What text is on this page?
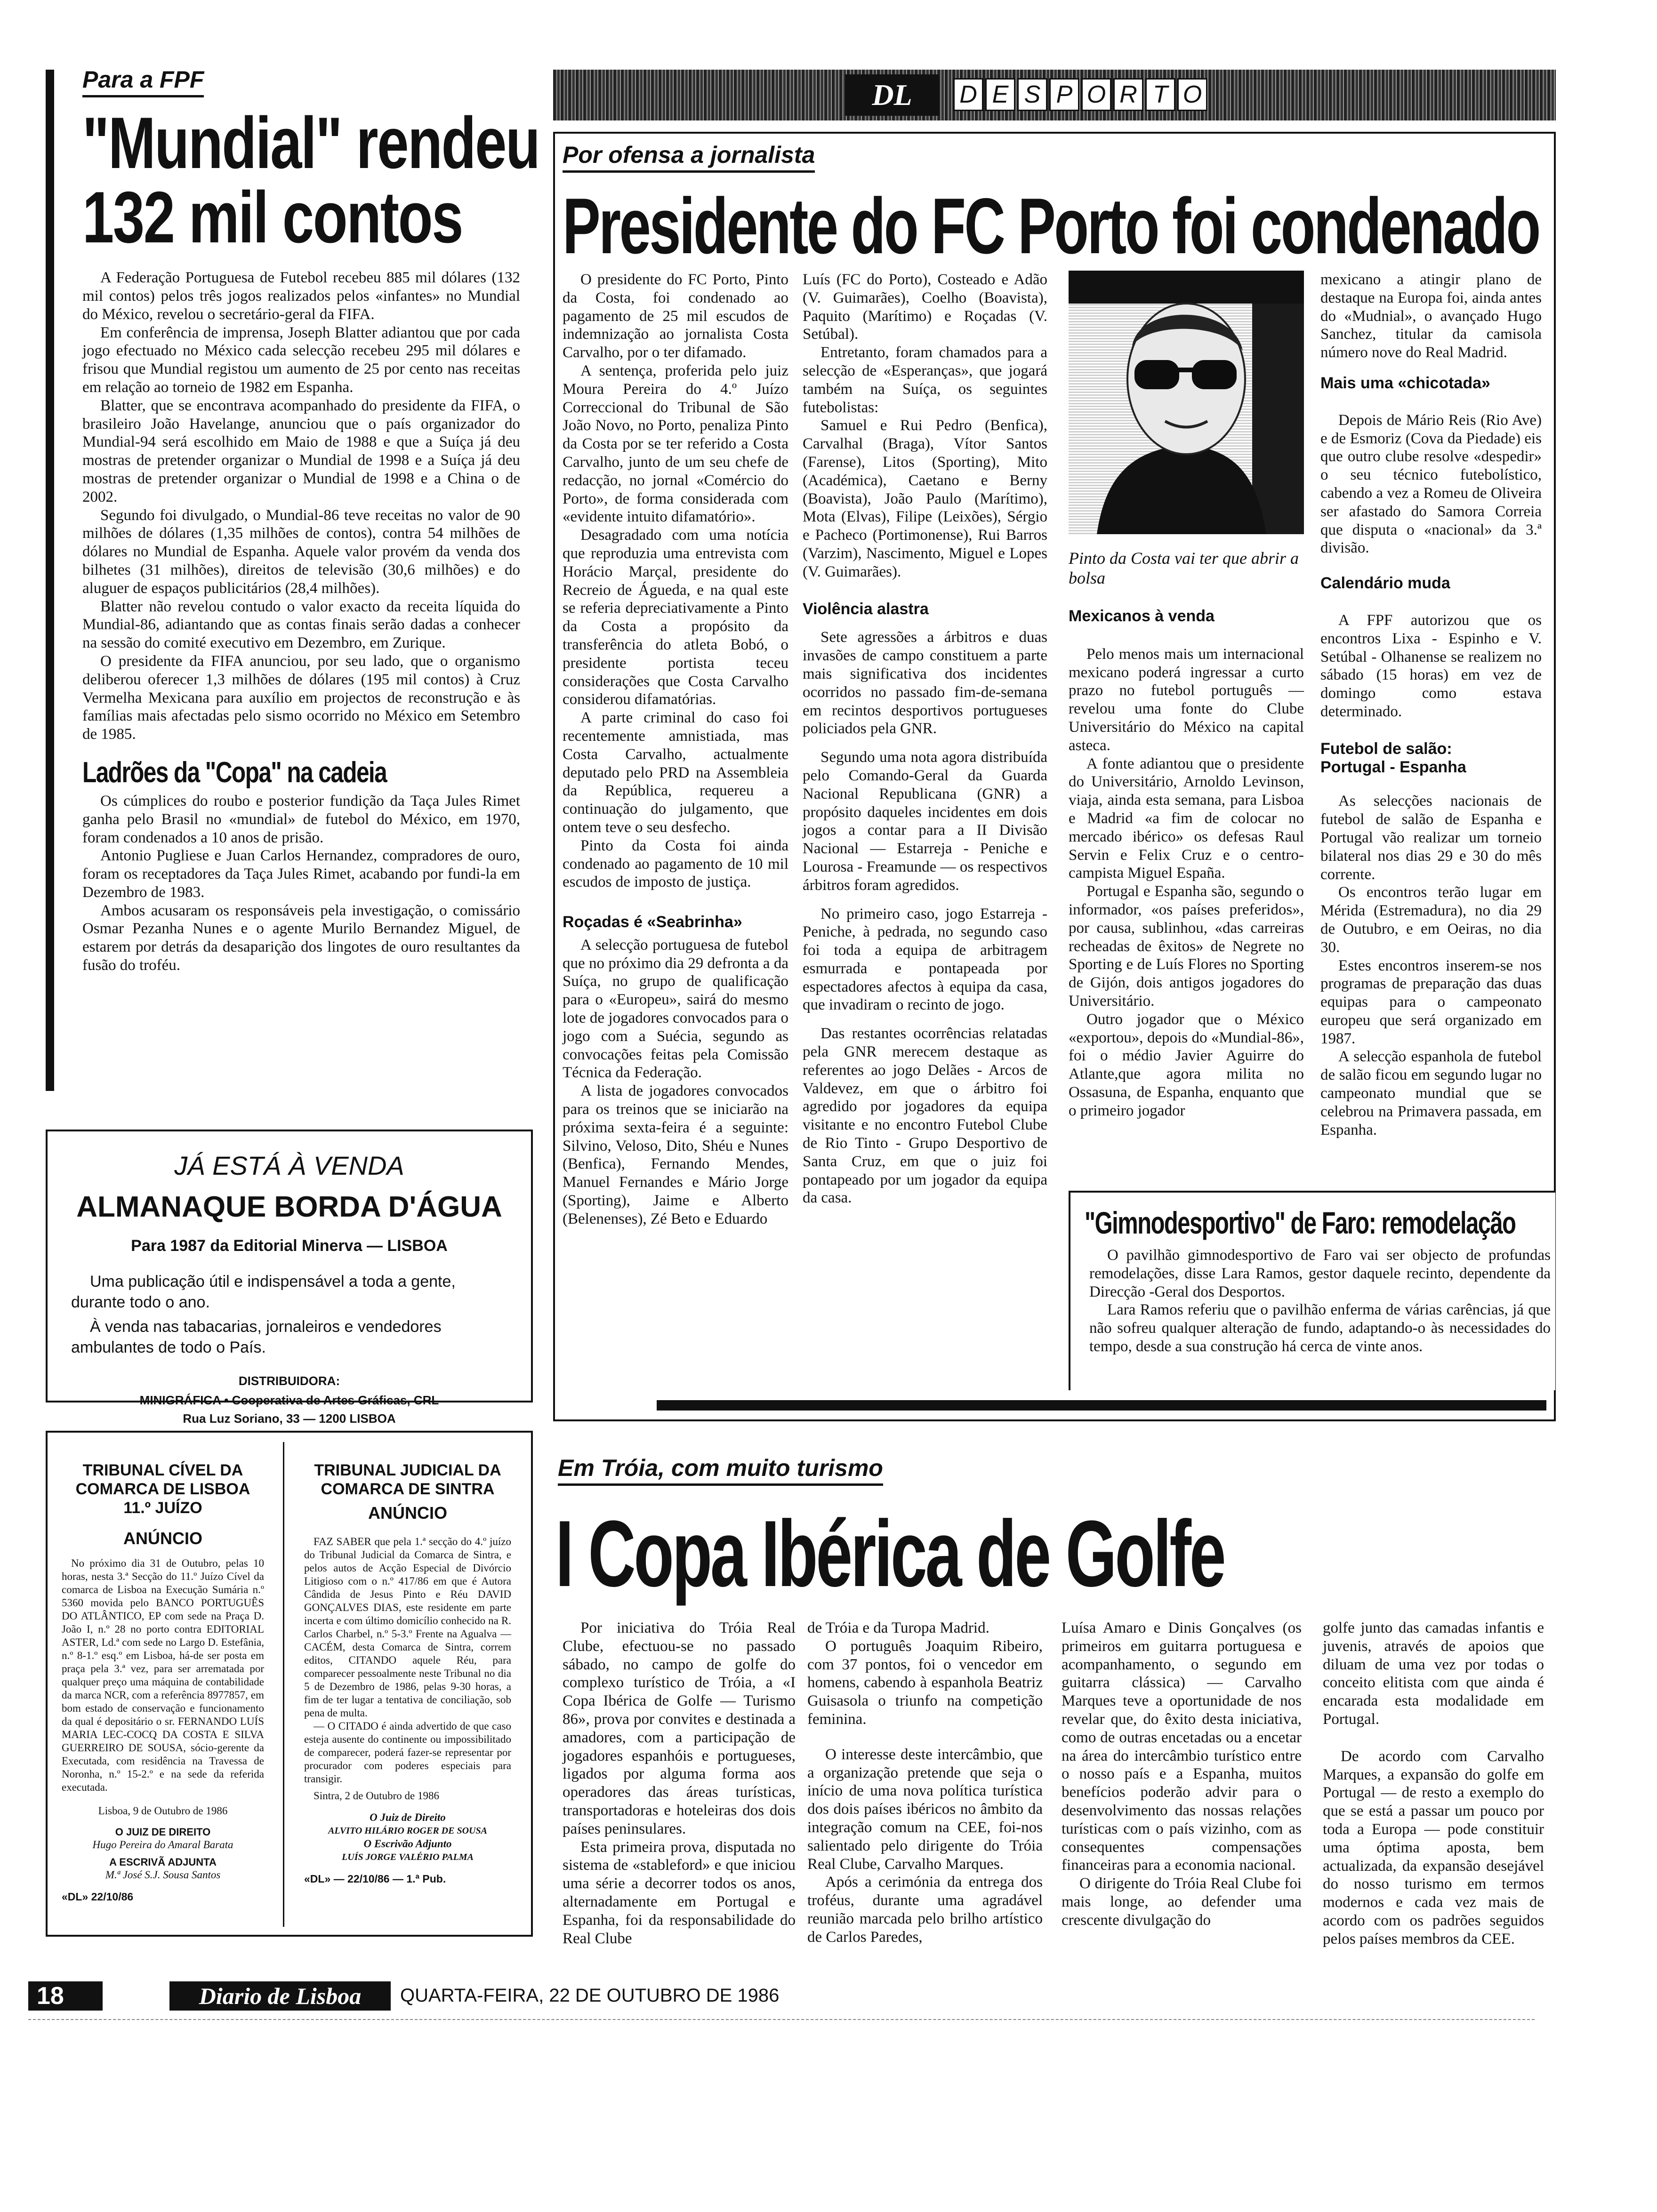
Para a FPF
"Mundial" rendeu
132 mil contos

A Federação Portuguesa de Futebol recebeu 885 mil dólares (132 mil contos) pelos três jogos realizados pelos «infantes» no Mundial do México, revelou o secretário-geral da FIFA.

Em conferência de imprensa, Joseph Blatter adiantou que por cada jogo efectuado no México cada selecção recebeu 295 mil dólares e frisou que Mundial registou um aumento de 25 por cento nas receitas em relação ao torneio de 1982 em Espanha.

Blatter, que se encontrava acompanhado do presidente da FIFA, o brasileiro João Havelange, anunciou que o país organizador do Mundial-94 será escolhido em Maio de 1988 e que a Suíça já deu mostras de pretender organizar o Mundial de 1998 e a Suíça já deu mostras de pretender organizar o Mundial de 1998 e a China o de 2002.

Segundo foi divulgado, o Mundial-86 teve receitas no valor de 90 milhões de dólares (1,35 milhões de contos), contra 54 milhões de dólares no Mundial de Espanha. Aquele valor provém da venda dos bilhetes (31 milhões), direitos de televisão (30,6 milhões) e do aluguer de espaços publicitários (28,4 milhões).

Blatter não revelou contudo o valor exacto da receita líquida do Mundial-86, adiantando que as contas finais serão dadas a conhecer na sessão do comité executivo em Dezembro, em Zurique.

O presidente da FIFA anunciou, por seu lado, que o organismo deliberou oferecer 1,3 milhões de dólares (195 mil contos) à Cruz Vermelha Mexicana para auxílio em projectos de reconstrução e às famílias mais afectadas pelo sismo ocorrido no México em Setembro de 1985.

Ladrões da "Copa" na cadeia

Os cúmplices do roubo e posterior fundição da Taça Jules Rimet ganha pelo Brasil no «mundial» de futebol do México, em 1970, foram condenados a 10 anos de prisão.

Antonio Pugliese e Juan Carlos Hernandez, compradores de ouro, foram os receptadores da Taça Jules Rimet, acabando por fundi-la em Dezembro de 1983.

Ambos acusaram os responsáveis pela investigação, o comissário Osmar Pezanha Nunes e o agente Murilo Bernandez Miguel, de estarem por detrás da desaparição dos lingotes de ouro resultantes da fusão do troféu.

JÁ ESTÁ À VENDA
ALMANAQUE BORDA D'ÁGUA
Para 1987 da Editorial Minerva — LISBOA
Uma publicação útil e indispensável a toda a gente, durante todo o ano.
À venda nas tabacarias, jornaleiros e vendedores ambulantes de todo o País.
DISTRIBUIDORA:
MINIGRÁFICA • Cooperativa de Artes Gráficas, CRL
Rua Luz Soriano, 33 — 1200 LISBOA
TRIBUNAL CÍVEL DA COMARCA DE LISBOA 11.º JUÍZO
ANÚNCIO

No próximo dia 31 de Outubro, pelas 10 horas, nesta 3.ª Secção do 11.º Juízo Cível da comarca de Lisboa na Execução Sumária n.º 5360 movida pelo BANCO PORTUGUÊS DO ATLÂNTICO, EP com sede na Praça D. João I, n.º 28 no porto contra EDITORIAL ASTER, Ld.ª com sede no Largo D. Estefânia, n.º 8-1.º esq.º em Lisboa, há-de ser posta em praça pela 3.ª vez, para ser arrematada por qualquer preço uma máquina de contabilidade da marca NCR, com a referência 8977857, em bom estado de conservação e funcionamento da qual é depositário o sr. FERNANDO LUÍS MARIA LEC-COCQ DA COSTA E SILVA GUERREIRO DE SOUSA, sócio-gerente da Executada, com residência na Travessa de Noronha, n.º 15-2.º e na sede da referida executada.

Lisboa, 9 de Outubro de 1986
O JUIZ DE DIREITO
Hugo Pereira do Amaral Barata
A ESCRIVÃ ADJUNTA
M.ª José S.J. Sousa Santos
«DL» 22/10/86
TRIBUNAL JUDICIAL DA COMARCA DE SINTRA
ANÚNCIO

FAZ SABER que pela 1.ª secção do 4.º juízo do Tribunal Judicial da Comarca de Sintra, e pelos autos de Acção Especial de Divórcio Litigioso com o n.º 417/86 em que é Autora Cândida de Jesus Pinto e Réu DAVID GONÇALVES DIAS, este residente em parte incerta e com último domicílio conhecido na R. Carlos Charbel, n.º 5-3.º Frente na Agualva — CACÉM, desta Comarca de Sintra, correm editos, CITANDO aquele Réu, para comparecer pessoalmente neste Tribunal no dia 5 de Dezembro de 1986, pelas 9-30 horas, a fim de ter lugar a tentativa de conciliação, sob pena de multa.

— O CITADO é ainda advertido de que caso esteja ausente do continente ou impossibilitado de comparecer, poderá fazer-se representar por procurador com poderes especiais para transigir.

Sintra, 2 de Outubro de 1986
O Juiz de Direito
ALVITO HILÁRIO ROGER DE SOUSA
O Escrivão Adjunto
LUÍS JORGE VALÉRIO PALMA
«DL» — 22/10/86 — 1.ª Pub.
DL	D E S P O R T O
Por ofensa a jornalista
Presidente do FC Porto foi condenado

O presidente do FC Porto, Pinto da Costa, foi condenado ao pagamento de 25 mil escudos de indemnização ao jornalista Costa Carvalho, por o ter difamado.

A sentença, proferida pelo juiz Moura Pereira do 4.º Juízo Correccional do Tribunal de São João Novo, no Porto, penaliza Pinto da Costa por se ter referido a Costa Carvalho, junto de um seu chefe de redacção, no jornal «Comércio do Porto», de forma considerada com «evidente intuito difamatório».

Desagradado com uma notícia que reproduzia uma entrevista com Horácio Marçal, presidente do Recreio de Águeda, e na qual este se referia depreciativamente a Pinto da Costa a propósito da transferência do atleta Bobó, o presidente portista teceu considerações que Costa Carvalho considerou difamatórias.

A parte criminal do caso foi recentemente amnistiada, mas Costa Carvalho, actualmente deputado pelo PRD na Assembleia da República, requereu a continuação do julgamento, que ontem teve o seu desfecho.

Pinto da Costa foi ainda condenado ao pagamento de 10 mil escudos de imposto de justiça.

Roçadas é «Seabrinha»

A selecção portuguesa de futebol que no próximo dia 29 defronta a da Suíça, no grupo de qualificação para o «Europeu», sairá do mesmo lote de jogadores convocados para o jogo com a Suécia, segundo as convocações feitas pela Comissão Técnica da Federação.

A lista de jogadores convocados para os treinos que se iniciarão na próxima sexta-feira é a seguinte: Silvino, Veloso, Dito, Shéu e Nunes (Benfica), Fernando Mendes, Manuel Fernandes e Mário Jorge (Sporting), Jaime e Alberto (Belenenses), Zé Beto e Eduardo

Luís (FC do Porto), Costeado e Adão (V. Guimarães), Coelho (Boavista), Paquito (Marítimo) e Roçadas (V. Setúbal).

Entretanto, foram chamados para a selecção de «Esperanças», que jogará também na Suíça, os seguintes futebolistas:

Samuel e Rui Pedro (Benfica), Carvalhal (Braga), Vítor Santos (Farense), Litos (Sporting), Mito (Académica), Caetano e Berny (Boavista), João Paulo (Marítimo), Mota (Elvas), Filipe (Leixões), Sérgio e Pacheco (Portimonense), Rui Barros (Varzim), Nascimento, Miguel e Lopes (V. Guimarães).

Violência alastra

Sete agressões a árbitros e duas invasões de campo constituem a parte mais significativa dos incidentes ocorridos no passado fim-de-semana em recintos desportivos portugueses policiados pela GNR.

Segundo uma nota agora distribuída pelo Comando-Geral da Guarda Nacional Republicana (GNR) a propósito daqueles incidentes em dois jogos a contar para a II Divisão Nacional — Estarreja - Peniche e Lourosa - Freamunde — os respectivos árbitros foram agredidos.

No primeiro caso, jogo Estarreja - Peniche, à pedrada, no segundo caso foi toda a equipa de arbitragem esmurrada e pontapeada por espectadores afectos à equipa da casa, que invadiram o recinto de jogo.

Das restantes ocorrências relatadas pela GNR merecem destaque as referentes ao jogo Delães - Arcos de Valdevez, em que o árbitro foi agredido por jogadores da equipa visitante e no encontro Futebol Clube de Rio Tinto - Grupo Desportivo de Santa Cruz, em que o juiz foi pontapeado por um jogador da equipa da casa.

Pinto da Costa vai ter que abrir a bolsa
Mexicanos à venda

Pelo menos mais um internacional mexicano poderá ingressar a curto prazo no futebol português — revelou uma fonte do Clube Universitário do México na capital asteca.

A fonte adiantou que o presidente do Universitário, Arnoldo Levinson, viaja, ainda esta semana, para Lisboa e Madrid «a fim de colocar no mercado ibérico» os defesas Raul Servin e Felix Cruz e o centro-campista Miguel España.

Portugal e Espanha são, segundo o informador, «os países preferidos», por causa, sublinhou, «das carreiras recheadas de êxitos» de Negrete no Sporting e de Luís Flores no Sporting de Gijón, dois antigos jogadores do Universitário.

Outro jogador que o México «exportou», depois do «Mundial-86», foi o médio Javier Aguirre do Atlante,que agora milita no Ossasuna, de Espanha, enquanto que o primeiro jogador

mexicano a atingir plano de destaque na Europa foi, ainda antes do «Mudnial», o avançado Hugo Sanchez, titular da camisola número nove do Real Madrid.

Mais uma «chicotada»

Depois de Mário Reis (Rio Ave) e de Esmoriz (Cova da Piedade) eis que outro clube resolve «despedir» o seu técnico futebolístico, cabendo a vez a Romeu de Oliveira ser afastado do Samora Correia que disputa o «nacional» da 3.ª divisão.

Calendário muda

A FPF autorizou que os encontros Lixa - Espinho e V. Setúbal - Olhanense se realizem no sábado (15 horas) em vez de domingo como estava determinado.

Futebol de salão:
Portugal - Espanha

As selecções nacionais de futebol de salão de Espanha e Portugal vão realizar um torneio bilateral nos dias 29 e 30 do mês corrente.

Os encontros terão lugar em Mérida (Estremadura), no dia 29 de Outubro, e em Oeiras, no dia 30.

Estes encontros inserem-se nos programas de preparação das duas equipas para o campeonato europeu que será organizado em 1987.

A selecção espanhola de futebol de salão ficou em segundo lugar no campeonato mundial que se celebrou na Primavera passada, em Espanha.

"Gimnodesportivo" de Faro: remodelação

O pavilhão gimnodesportivo de Faro vai ser objecto de profundas remodelações, disse Lara Ramos, gestor daquele recinto, dependente da Direcção -Geral dos Desportos.

Lara Ramos referiu que o pavilhão enferma de várias carências, já que não sofreu qualquer alteração de fundo, adaptando-o às necessidades do tempo, desde a sua construção há cerca de vinte anos.

Em Tróia, com muito turismo
I Copa Ibérica de Golfe

Por iniciativa do Tróia Real Clube, efectuou-se no passado sábado, no campo de golfe do complexo turístico de Tróia, a «I Copa Ibérica de Golfe — Turismo 86», prova por convites e destinada a amadores, com a participação de jogadores espanhóis e portugueses, ligados por alguma forma aos operadores das áreas turísticas, transportadoras e hoteleiras dos dois países peninsulares.

Esta primeira prova, disputada no sistema de «stableford» e que iniciou uma série a decorrer todos os anos, alternadamente em Portugal e Espanha, foi da responsabilidade do Real Clube

de Tróia e da Turopa Madrid.

O português Joaquim Ribeiro, com 37 pontos, foi o vencedor em homens, cabendo à espanhola Beatriz Guisasola o triunfo na competição feminina.

O interesse deste intercâmbio, que a organização pretende que seja o início de uma nova política turística dos dois países ibéricos no âmbito da integração comum na CEE, foi-nos salientado pelo dirigente do Tróia Real Clube, Carvalho Marques.

Após a cerimónia da entrega dos troféus, durante uma agradável reunião marcada pelo brilho artístico de Carlos Paredes,

Luísa Amaro e Dinis Gonçalves (os primeiros em guitarra portuguesa e acompanhamento, o segundo em guitarra clássica) — Carvalho Marques teve a oportunidade de nos revelar que, do êxito desta iniciativa, como de outras encetadas ou a encetar na área do intercâmbio turístico entre o nosso país e a Espanha, muitos benefícios poderão advir para o desenvolvimento das nossas relações turísticas com o país vizinho, com as consequentes compensações financeiras para a economia nacional.

O dirigente do Tróia Real Clube foi mais longe, ao defender uma crescente divulgação do

golfe junto das camadas infantis e juvenis, através de apoios que diluam de uma vez por todas o conceito elitista com que ainda é encarada esta modalidade em Portugal.

De acordo com Carvalho Marques, a expansão do golfe em Portugal — de resto a exemplo do que se está a passar um pouco por toda a Europa — pode constituir uma óptima aposta, bem actualizada, da expansão desejável do nosso turismo em termos modernos e cada vez mais de acordo com os padrões seguidos pelos países membros da CEE.

18	Diario de Lisboa	QUARTA-FEIRA, 22 DE OUTUBRO DE 1986
